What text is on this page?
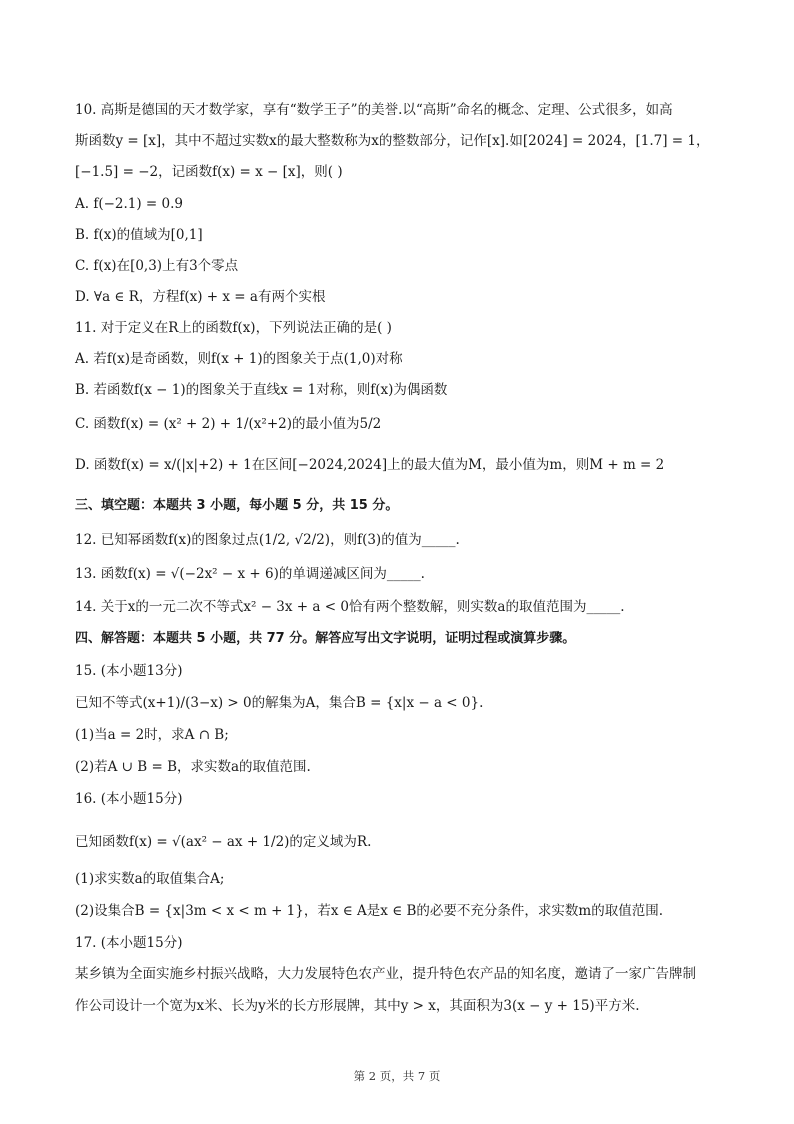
10. 高斯是德国的天才数学家，享有“数学王子”的美誉.以“高斯”命名的概念、定理、公式很多，如高
斯函数y = [x]，其中不超过实数x的最大整数称为x的整数部分，记作[x].如[2024] = 2024，[1.7] = 1，
[−1.5] = −2，记函数f(x) = x − [x]，则( )
A. f(−2.1) = 0.9
B. f(x)的值域为[0,1]
C. f(x)在[0,3)上有3个零点
D. ∀a ∈ R，方程f(x) + x = a有两个实根
11. 对于定义在R上的函数f(x)，下列说法正确的是( )
A. 若f(x)是奇函数，则f(x + 1)的图象关于点(1,0)对称
B. 若函数f(x − 1)的图象关于直线x = 1对称，则f(x)为偶函数
C. 函数f(x) = (x² + 2) + 1/(x²+2)的最小值为5/2
D. 函数f(x) = x/(|x|+2) + 1在区间[−2024,2024]上的最大值为M，最小值为m，则M + m = 2
三、填空题：本题共 3 小题，每小题 5 分，共 15 分。
12. 已知幂函数f(x)的图象过点(1/2, √2/2)，则f(3)的值为_____.
13. 函数f(x) = √(−2x² − x + 6)的单调递减区间为_____.
14. 关于x的一元二次不等式x² − 3x + a < 0恰有两个整数解，则实数a的取值范围为_____.
四、解答题：本题共 5 小题，共 77 分。解答应写出文字说明，证明过程或演算步骤。
15. (本小题13分)
已知不等式(x+1)/(3−x) > 0的解集为A，集合B = {x|x − a < 0}.
(1)当a = 2时，求A ∩ B;
(2)若A ∪ B = B，求实数a的取值范围.
16. (本小题15分)
已知函数f(x) = √(ax² − ax + 1/2)的定义域为R.
(1)求实数a的取值集合A;
(2)设集合B = {x|3m < x < m + 1}，若x ∈ A是x ∈ B的必要不充分条件，求实数m的取值范围.
17. (本小题15分)
某乡镇为全面实施乡村振兴战略，大力发展特色农产业，提升特色农产品的知名度，邀请了一家广告牌制
作公司设计一个宽为x米、长为y米的长方形展牌，其中y > x，其面积为3(x − y + 15)平方米.
第 2 页，共 7 页
